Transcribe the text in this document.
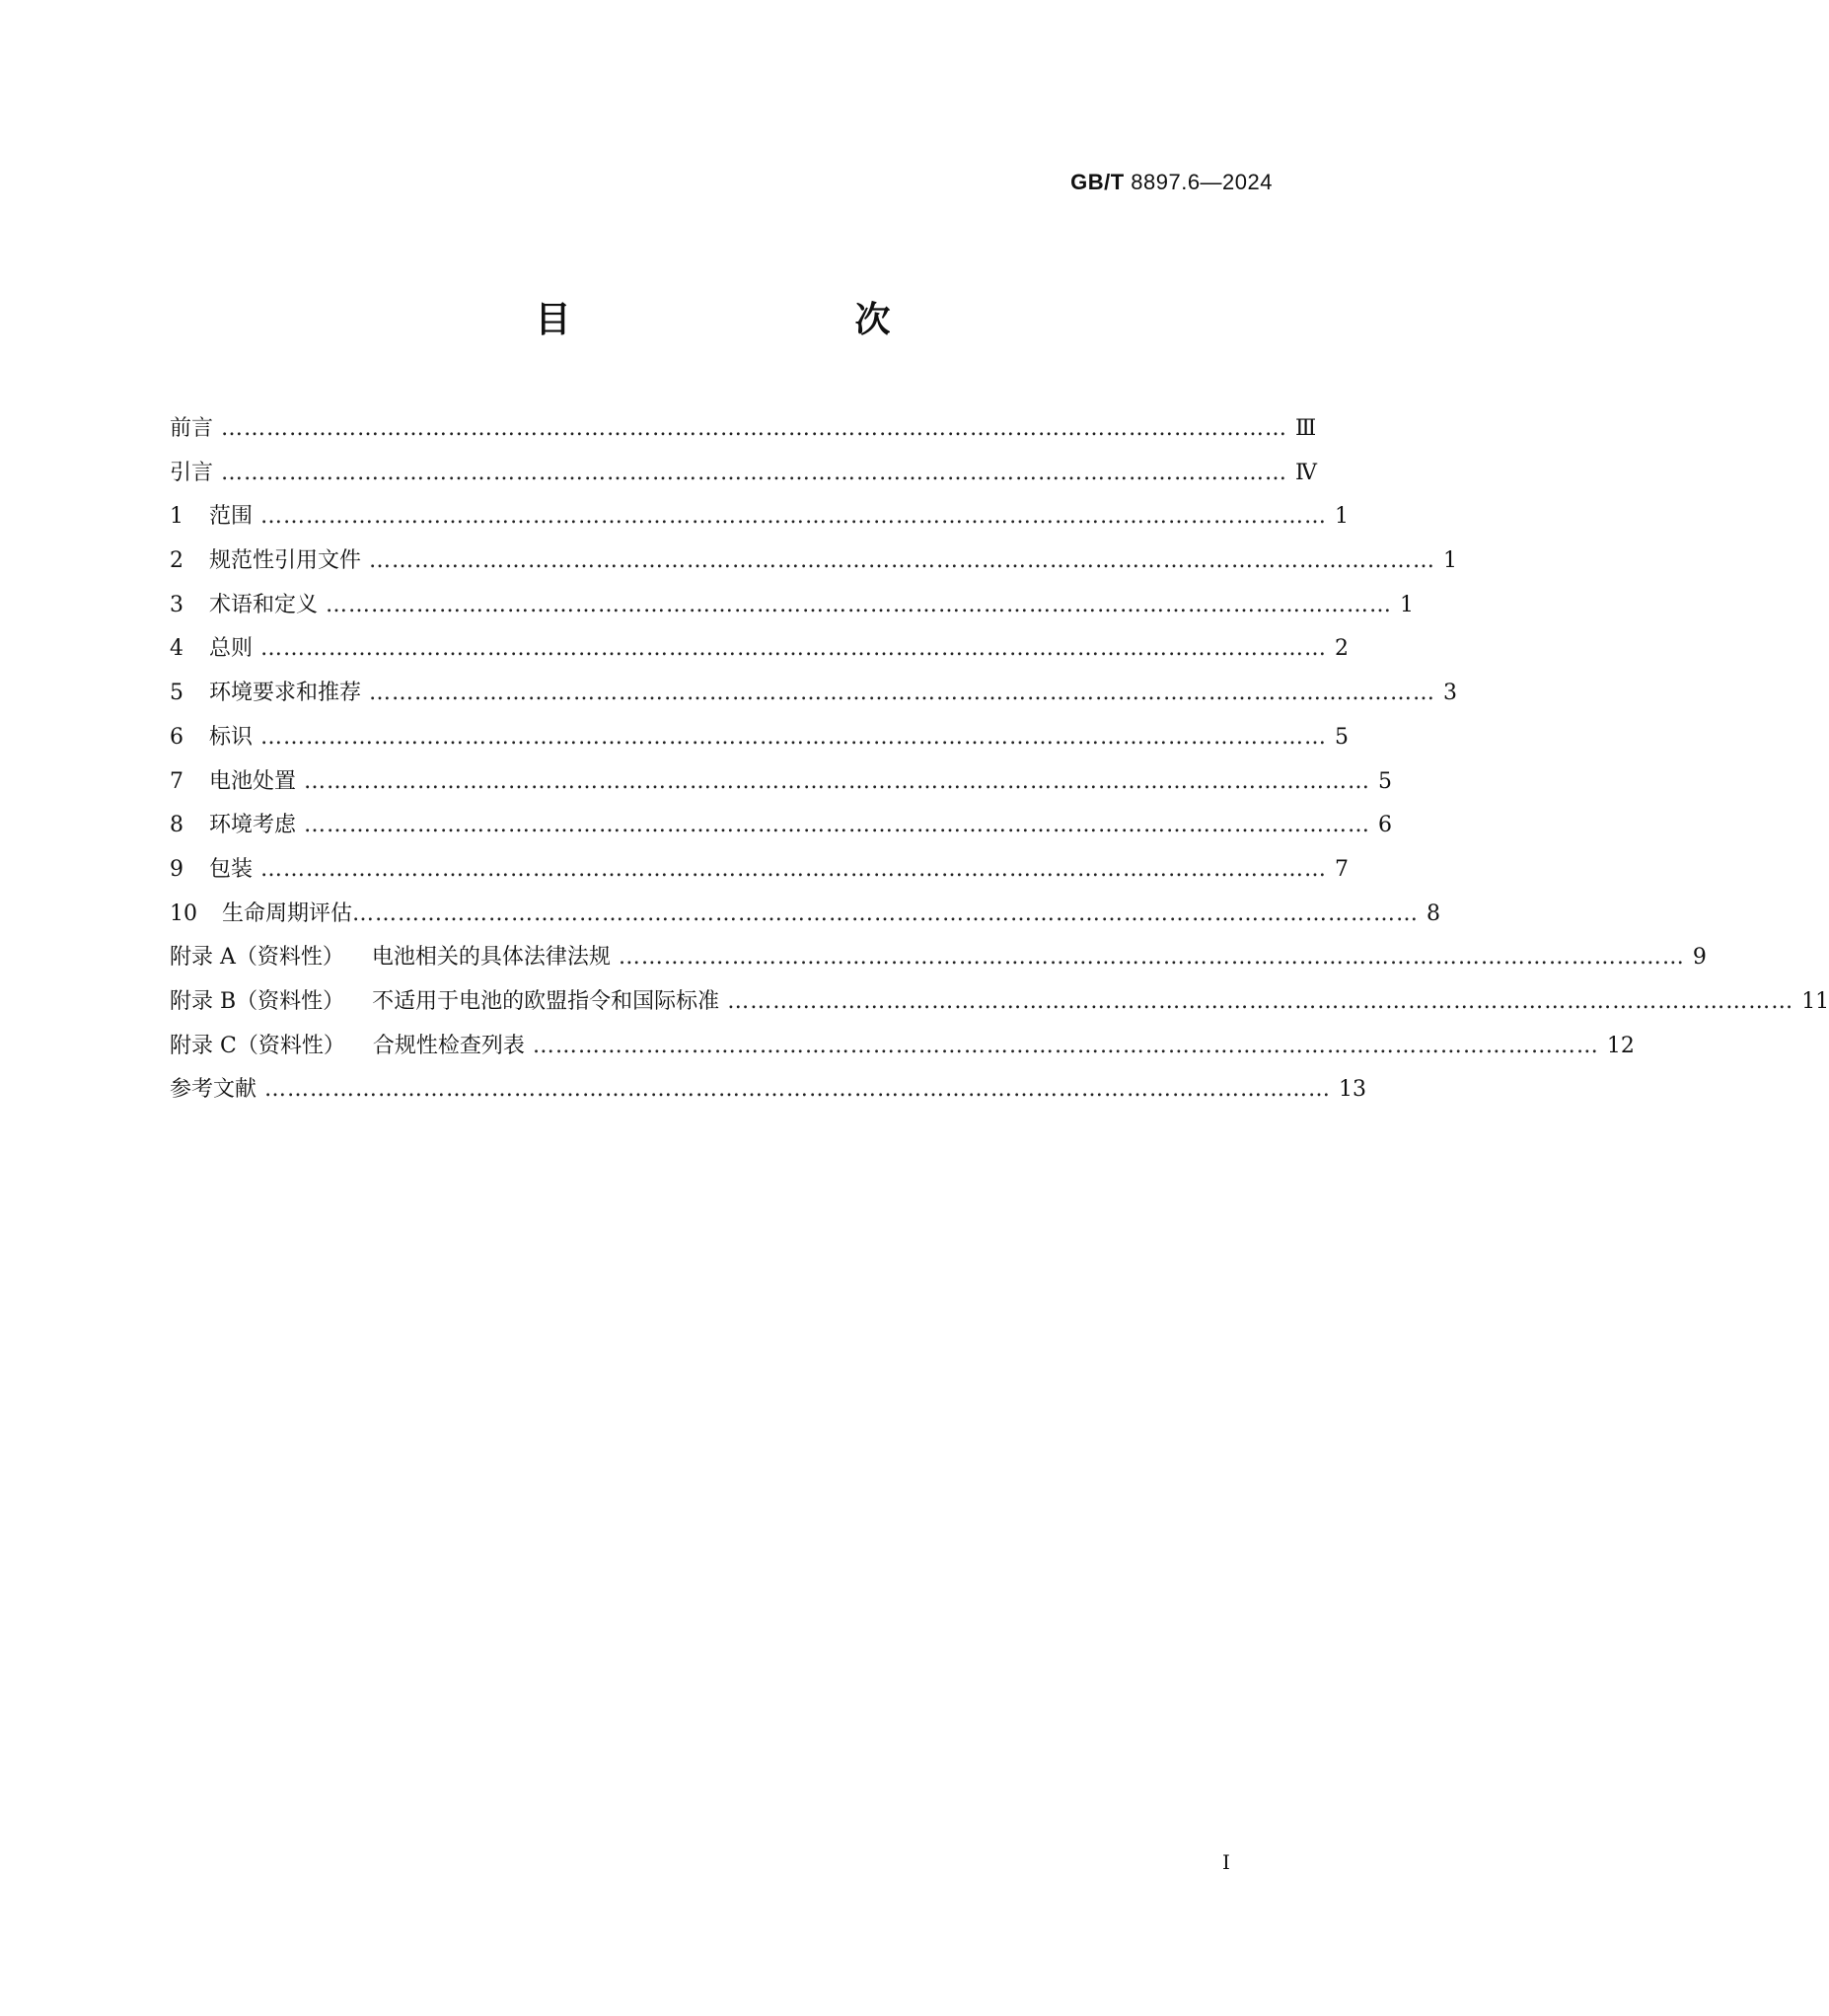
GB/T 8897.6—2024
目　　次
前言 …………………………………………………………………………………………………………………………… Ⅲ
引言 …………………………………………………………………………………………………………………………… Ⅳ
1	范围 …………………………………………………………………………………………………………………………… 1
2	规范性引用文件 …………………………………………………………………………………………………………………………… 1
3	术语和定义 …………………………………………………………………………………………………………………………… 1
4	总则 …………………………………………………………………………………………………………………………… 2
5	环境要求和推荐 …………………………………………………………………………………………………………………………… 3
6	标识 …………………………………………………………………………………………………………………………… 5
7	电池处置 …………………………………………………………………………………………………………………………… 5
8	环境考虑 …………………………………………………………………………………………………………………………… 6
9	包装 …………………………………………………………………………………………………………………………… 7
10	生命周期评估 …………………………………………………………………………………………………………………………… 8
附录 A（资料性） 电池相关的具体法律法规 …………………………………………………………………………………………………………………………… 9
附录 B（资料性） 不适用于电池的欧盟指令和国际标准 …………………………………………………………………………………………………………………………… 11
附录 C（资料性） 合规性检查列表 …………………………………………………………………………………………………………………………… 12
参考文献 …………………………………………………………………………………………………………………………… 13
Ⅰ
